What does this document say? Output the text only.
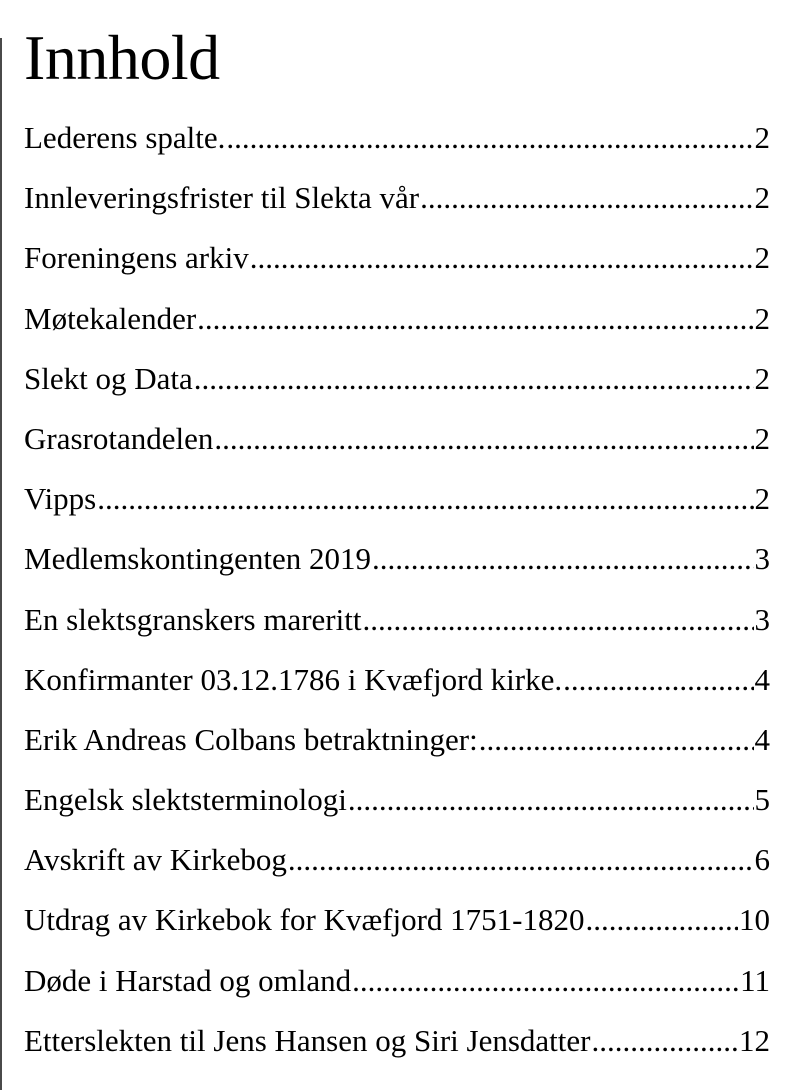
Innhold
Lederens spalte. .....	2
Innleveringsfrister til Slekta vår .....	2
Foreningens arkiv .....	2
Møtekalender .....	2
Slekt og Data .....	2
Grasrotandelen .....	2
Vipps .....	2
Medlemskontingenten 2019 .....	3
En slektsgranskers mareritt .....	3
Konfirmanter 03.12.1786 i Kvæfjord kirke. .....	4
Erik Andreas Colbans betraktninger: .....	4
Engelsk slektsterminologi .....	5
Avskrift av Kirkebog .....	6
Utdrag av Kirkebok for Kvæfjord 1751-1820 .....	10
Døde i Harstad og omland .....	11
Etterslekten til Jens Hansen og Siri Jensdatter .....	12
